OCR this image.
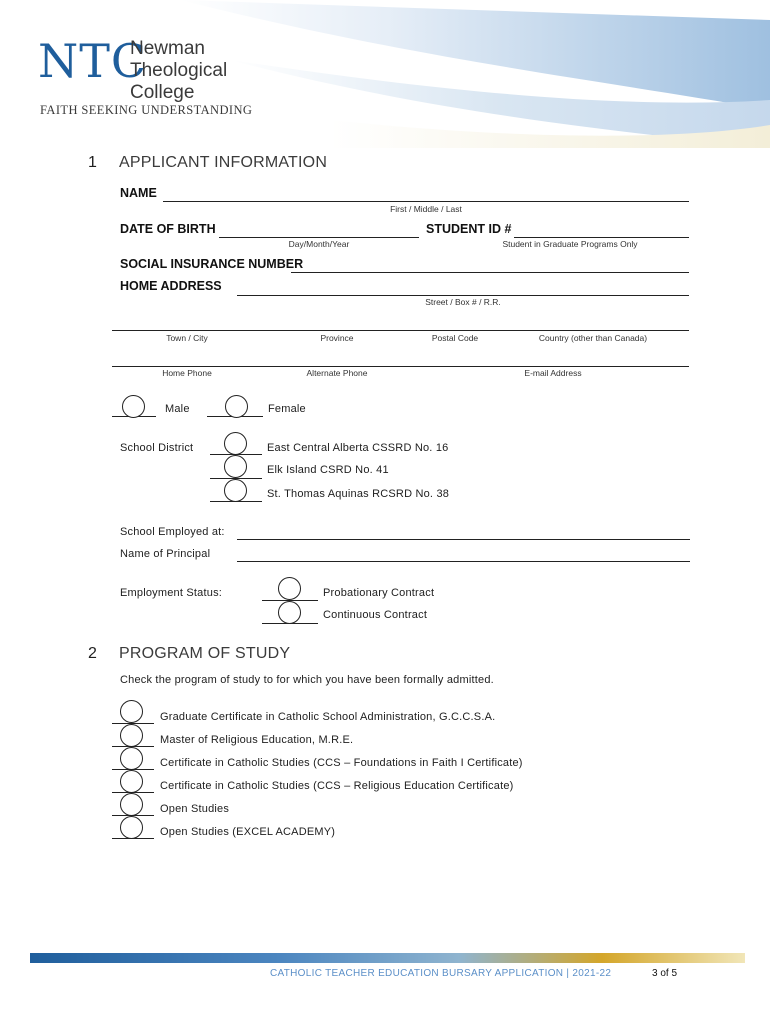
NTC
Newman
Theological
College
FAITH SEEKING UNDERSTANDING
1 APPLICANT INFORMATION
NAME
First / Middle / Last
DATE OF BIRTH
Day/Month/Year
STUDENT ID #
Student in Graduate Programs Only
SOCIAL INSURANCE NUMBER
HOME ADDRESS
Street / Box # / R.R.
Town / City	Province	Postal Code	Country (other than Canada)
Home Phone	Alternate Phone	E-mail Address
Male	Female
School District	East Central Alberta CSSRD No. 16
Elk Island CSRD No. 41
St. Thomas Aquinas RCSRD No. 38
School Employed at:
Name of Principal
Employment Status:	Probationary Contract
Continuous Contract
2 PROGRAM OF STUDY
Check the program of study to for which you have been formally admitted.
Graduate Certificate in Catholic School Administration, G.C.C.S.A.
Master of Religious Education, M.R.E.
Certificate in Catholic Studies (CCS – Foundations in Faith I Certificate)
Certificate in Catholic Studies (CCS – Religious Education Certificate)
Open Studies
Open Studies (EXCEL ACADEMY)
CATHOLIC TEACHER EDUCATION BURSARY APPLICATION | 2021-22	3 of 5
